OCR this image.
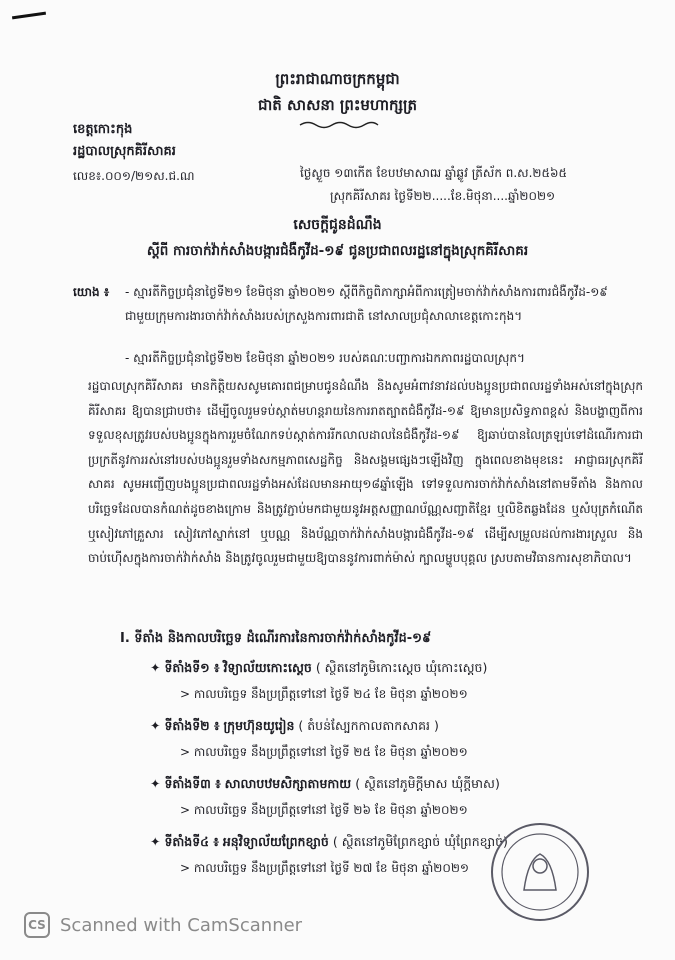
ព្រះរាជាណាចក្រកម្ពុជា
ជាតិ សាសនា ព្រះមហាក្សត្រ
ខេត្តកោះកុង
រដ្ឋបាលស្រុកគិរីសាគរ
លេខ៖.០០១/២១ស.ជ.ណ	ថ្ងៃស្ងួច ១៣កើត ខែបឋមាសាឍ ឆ្នាំឆ្លូវ ត្រីស័ក ព.ស.២៥៦៥
ស្រុកគិរីសាគរ ថ្ងៃទី២២.....ខែ.មិថុនា....ឆ្នាំ២០២១
សេចក្តីជូនដំណឹង
ស្តីពី ការចាក់វ៉ាក់សាំងបង្ការជំងឺកូវីដ-១៩ ជូនប្រជាពលរដ្ឋនៅក្នុងស្រុកគិរីសាគរ
យោង ៖ - ស្មារតីកិច្ចប្រជុំនាថ្ងៃទី២១ ខែមិថុនា ឆ្នាំ២០២១ ស្តីពីកិច្ចពិភាក្សាអំពីការត្រៀមចាក់វ៉ាក់សាំងការពារជំងឺកូវីដ-១៩ ជាមួយក្រុមការងារចាក់វ៉ាក់សាំងរបស់ក្រសួងការពារជាតិ នៅសាលប្រជុំសាលាខេត្តកោះកុង។
- ស្មារតីកិច្ចប្រជុំនាថ្ងៃទី២២ ខែមិថុនា ឆ្នាំ២០២១ របស់គណៈបញ្ជាការឯកភាពរដ្ឋបាលស្រុក។
រដ្ឋបាលស្រុកគិរីសាគរ មានកិត្តិយសសូមគោរពជម្រាបជូនដំណឹង និងសូមអំពាវនាវដល់បងប្អូនប្រជាពលរដ្ឋទាំងអស់នៅក្នុងស្រុកគិរីសាគរ ឱ្យបានជ្រាបថា៖ ដើម្បីចូលរួមទប់ស្កាត់មហន្តរាយនៃការរាតត្បាតជំងឺកូវីដ-១៩ ឱ្យមានប្រសិទ្ធភាពខ្ពស់ និងបង្ហាញពីការទទួលខុសត្រូវរបស់បងប្អូនក្នុងការរួមចំណែកទប់ស្កាត់ការរីកលាលដាលនៃជំងឺកូវីដ-១៩ ឱ្យឆាប់បានលៃត្រឡប់ទៅដំណើរការជាប្រក្រតីនូវការរស់នៅរបស់បងប្អូនរួមទាំងសកម្មភាពសេដ្ឋកិច្ច និងសង្គមផ្សេងៗឡើងវិញ ក្នុងពេលខាងមុខនេះ អាជ្ញាធរស្រុកគិរីសាគរ សូមអញ្ជើញបងប្អូនប្រជាពលរដ្ឋទាំងអស់ដែលមានអាយុ១៨ឆ្នាំឡើង ទៅទទួលការចាក់វ៉ាក់សាំងនៅតាមទីតាំង និងកាលបរិច្ឆេទដែលបានកំណត់ដូចខាងក្រោម និងត្រូវភ្ជាប់មកជាមួយនូវអត្តសញ្ញាណប័ណ្ណសញ្ជាតិខ្មែរ ឬលិខិតឆ្លងដែន ឬសំបុត្រកំណើត ឬសៀវភៅគ្រួសារ សៀវភៅស្នាក់នៅ ឬបណ្ណ និងប័ណ្ណចាក់វ៉ាក់សាំងបង្ការជំងឺកូវីដ-១៩ ដើម្បីសម្រួលដល់ការងារស្រួល និងចាប់ហ៊ើសក្នុងការចាក់វ៉ាក់សាំង និងត្រូវចូលរួមជាមួយឱ្យបាននូវការពាក់ម៉ាស់ ក្បាលម្ហូបបុគ្គល ស្របតាមវិធានការសុខាភិបាល។
I. ទីតាំង និងកាលបរិច្ឆេទ ដំណើរការនៃការចាក់វ៉ាក់សាំងកូវីដ-១៩
✦ ទីតាំងទី១ ៖ វិទ្យាល័យកោះស្តេច ( ស្ថិតនៅភូមិកោះស្តេច ឃុំកោះស្តេច)
> កាលបរិច្ឆេទ នឹងប្រព្រឹត្តទៅនៅ ថ្ងៃទី ២៤ ខែ មិថុនា ឆ្នាំ២០២១
✦ ទីតាំងទី២ ៖ ក្រុមហ៊ុនយូរៀន ( តំបន់ស្បែកកាលតាកសាគរ )
> កាលបរិច្ឆេទ នឹងប្រព្រឹត្តទៅនៅ ថ្ងៃទី ២៥ ខែ មិថុនា ឆ្នាំ២០២១
✦ ទីតាំងទី៣ ៖ សាលាបឋមសិក្សាតាមកាយ ( ស្ថិតនៅភូមិក្តីមាស ឃុំក្តីមាស)
> កាលបរិច្ឆេទ នឹងប្រព្រឹត្តទៅនៅ ថ្ងៃទី ២៦ ខែ មិថុនា ឆ្នាំ២០២១
✦ ទីតាំងទី៤ ៖ អនុវិទ្យាល័យព្រែកខ្សាច់ ( ស្ថិតនៅភូមិព្រែកខ្សាច់ ឃុំព្រែកខ្សាច់)
> កាលបរិច្ឆេទ នឹងប្រព្រឹត្តទៅនៅ ថ្ងៃទី ២៧ ខែ មិថុនា ឆ្នាំ២០២១
CS Scanned with CamScanner
